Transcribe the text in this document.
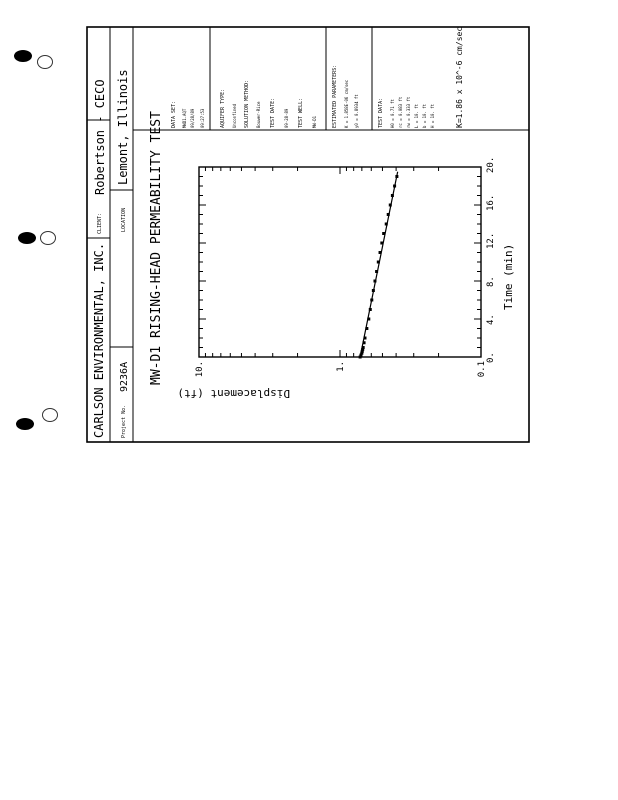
CARLSON ENVIRONMENTAL, INC.
CLIENT:
Robertson - CECO
Project No.
9236A
LOCATION
Lemont, Illinois MW-D1 RISING-HEAD PERMEABILITY TEST DATA SET: MWD1.AQT 09/28/89 09:27:53	AQUIFER TYPE: Unconfined SOLUTION METHOD: Bouwer-Rice TEST DATE: 09-28-89 TEST WELL: MW-D1	ESTIMATED PARAMETERS: K = 1.858E-06 cm/sec y0 = 0.8934 ft	TEST DATA: H0 = 0.71 ft rc = 0.083 ft rw = 0.333 ft L = 10. ft b = 10. ft H = 10. ft	K=1.86 x 10^-6 cm/sec
0.1
1.
10.
0.
4.
8.
12.
16.
20.
Displacement (ft)
Time (min)
